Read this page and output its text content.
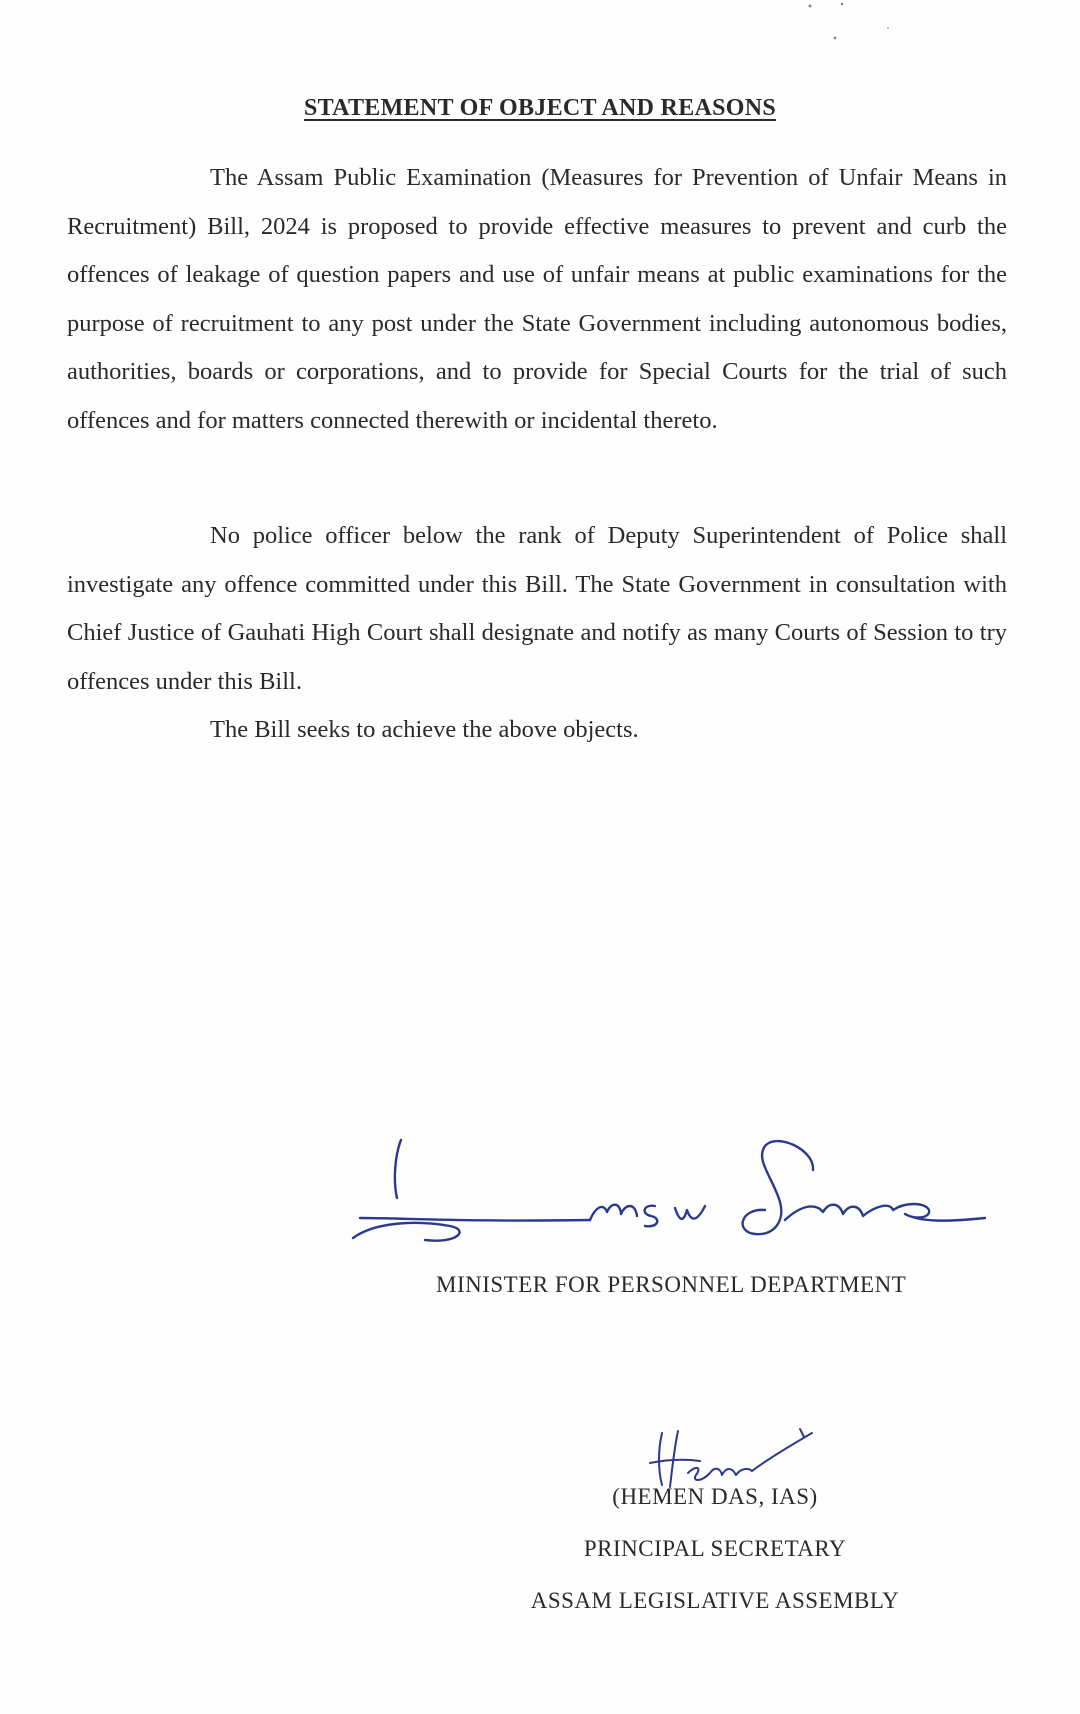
STATEMENT OF OBJECT AND REASONS

The Assam Public Examination (Measures for Prevention of Unfair Means in Recruitment) Bill, 2024 is proposed to provide effective measures to prevent and curb the offences of leakage of question papers and use of unfair means at public examinations for the purpose of recruitment to any post under the State Government including autonomous bodies, authorities, boards or corporations, and to provide for Special Courts for the trial of such offences and for matters connected therewith or incidental thereto.

No police officer below the rank of Deputy Superintendent of Police shall investigate any offence committed under this Bill. The State Government in consultation with Chief Justice of Gauhati High Court shall designate and notify as many Courts of Session to try offences under this Bill.

The Bill seeks to achieve the above objects.

MINISTER FOR PERSONNEL DEPARTMENT
(HEMEN DAS, IAS)
PRINCIPAL SECRETARY
ASSAM LEGISLATIVE ASSEMBLY
